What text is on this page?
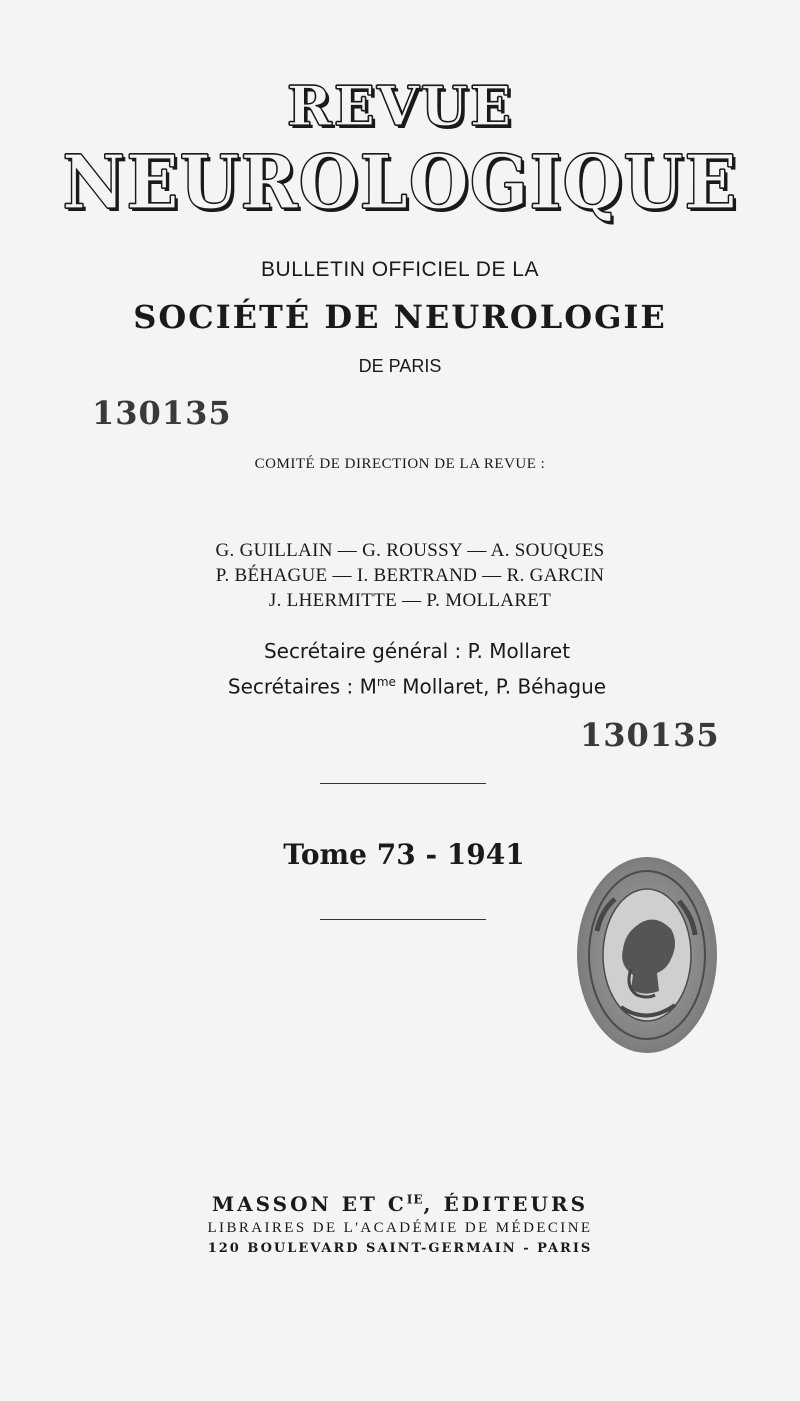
REVUE
NEUROLOGIQUE
BULLETIN OFFICIEL DE LA
SOCIÉTÉ DE NEUROLOGIE
DE PARIS
130135
COMITÉ DE DIRECTION DE LA REVUE :
G. GUILLAIN — G. ROUSSY — A. SOUQUES
P. BÉHAGUE — I. BERTRAND — R. GARCIN
J. LHERMITTE — P. MOLLARET
Secrétaire général : P. Mollaret
Secrétaires : $M^{me}$ Mollaret, P. Béhague
130135
Tome 73 - 1941
MASSON ET $C^{IE}$, ÉDITEURS
LIBRAIRES DE L'ACADÉMIE DE MÉDECINE
120 BOULEVARD SAINT-GERMAIN - PARIS
